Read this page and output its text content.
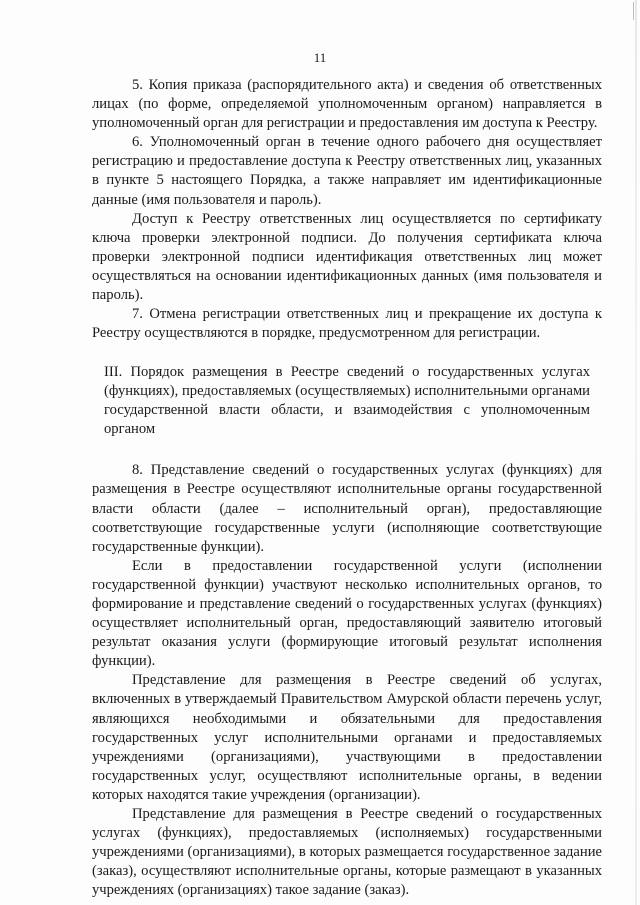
11

5. Копия приказа (распорядительного акта) и сведения об ответственных лицах (по форме, определяемой уполномоченным органом) направляется в уполномоченный орган для регистрации и предоставления им доступа к Реестру.

6. Уполномоченный орган в течение одного рабочего дня осуществляет регистрацию и предоставление доступа к Реестру ответственных лиц, указанных в пункте 5 настоящего Порядка, а также направляет им идентификационные данные (имя пользователя и пароль).

Доступ к Реестру ответственных лиц осуществляется по сертификату ключа проверки электронной подписи. До получения сертификата ключа проверки электронной подписи идентификация ответственных лиц может осуществляться на основании идентификационных данных (имя пользователя и пароль).

7. Отмена регистрации ответственных лиц и прекращение их доступа к Реестру осуществляются в порядке, предусмотренном для регистрации.

III. Порядок размещения в Реестре сведений о государственных услугах (функциях), предоставляемых (осуществляемых) исполнительными органами государственной власти области, и взаимодействия с уполномоченным органом

8. Представление сведений о государственных услугах (функциях) для размещения в Реестре осуществляют исполнительные органы государственной власти области (далее – исполнительный орган), предоставляющие соответствующие государственные услуги (исполняющие соответствующие государственные функции).

Если в предоставлении государственной услуги (исполнении государственной функции) участвуют несколько исполнительных органов, то формирование и представление сведений о государственных услугах (функциях) осуществляет исполнительный орган, предоставляющий заявителю итоговый результат оказания услуги (формирующие итоговый результат исполнения функции).

Представление для размещения в Реестре сведений об услугах, включенных в утверждаемый Правительством Амурской области перечень услуг, являющихся необходимыми и обязательными для предоставления государственных услуг исполнительными органами и предоставляемых учреждениями (организациями), участвующими в предоставлении государственных услуг, осуществляют исполнительные органы, в ведении которых находятся такие учреждения (организации).

Представление для размещения в Реестре сведений о государственных услугах (функциях), предоставляемых (исполняемых) государственными учреждениями (организациями), в которых размещается государственное задание (заказ), осуществляют исполнительные органы, которые размещают в указанных учреждениях (организациях) такое задание (заказ).
